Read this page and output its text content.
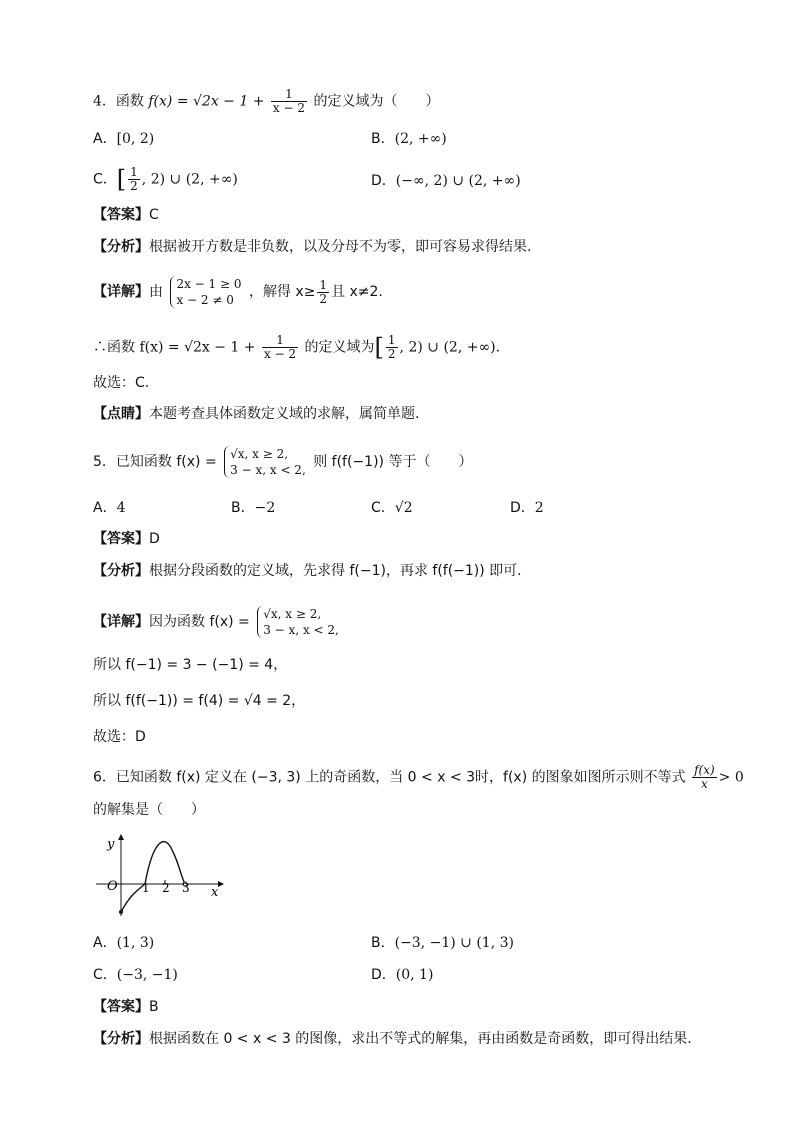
4．函数 $f(x) = √2x - 1 + \frac{1}{x - 2}$ 的定义域为（　　）
A．[0, 2)	B．(2, +∞)
C．[ $\frac{1}{2}$ , 2) ∪ (2, +∞)	D．(−∞, 2) ∪ (2, +∞)
【答案】C
【分析】根据被开方数是非负数，以及分母不为零，即可容易求得结果.
【详解】由 2x − 1 ≥ 0
x − 2 ≠ 0	，解得 $x\ge \frac{1}{2}$ 且 x≠2.
∴函数 $f(x) = √2x - 1 + \frac{1}{x - 2}$ 的定义域为[ $\frac{1}{2}$ , 2) ∪ (2, +∞).
故选：C.
【点睛】本题考查具体函数定义域的求解，属简单题.
5．已知函数 f(x) = √x, x ≥ 2,
3 − x, x < 2, 则 f(f(−1)) 等于（　　）
A．4	B．−2	C．√2	D．2
【答案】D
【分析】根据分段函数的定义域，先求得 f(−1)，再求 f(f(−1)) 即可.
【详解】因为函数 f(x) = √x, x ≥ 2,
3 − x, x < 2,
所以 f(−1) = 3 − (−1) = 4，
所以 f(f(−1)) = f(4) = √4 = 2，
故选：D
6．已知函数 f(x) 定义在 (−3, 3) 上的奇函数，当 0 < x < 3时，f(x) 的图象如图所示则不等式 $\frac{f(x)}{x} > 0$
的解集是（　　）
y
O 1 2 3 x
A．(1, 3)	B．(−3, −1) ∪ (1, 3)
C．(−3, −1)	D．(0, 1)
【答案】B
【分析】根据函数在 0 < x < 3 的图像，求出不等式的解集，再由函数是奇函数，即可得出结果.
